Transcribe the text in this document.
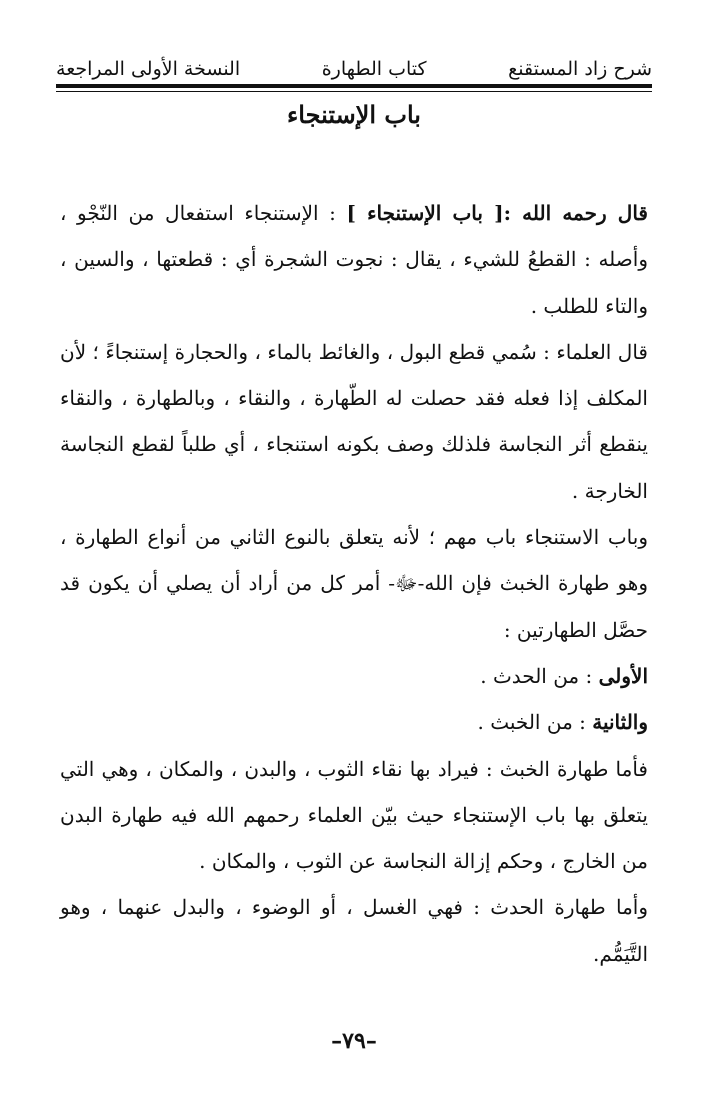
شرح زاد المستقنع
كتاب الطهارة
النسخة الأولى المراجعة
باب الإستنجاء

قال رحمه الله :[ باب الإستنجاء ] : الإستنجاء استفعال من النّجْو ، وأصله : القطعُ للشيء ، يقال : نجوت الشجرة أي : قطعتها ، والسين ، والتاء للطلب .

قال العلماء : سُمي قطع البول ، والغائط بالماء ، والحجارة إستنجاءً ؛ لأن المكلف إذا فعله فقد حصلت له الطّهارة ، والنقاء ، وبالطهارة ، والنقاء ينقطع أثر النجاسة فلذلك وصف بكونه استنجاء ، أي طلباً لقطع النجاسة الخارجة .

وباب الاستنجاء باب مهم ؛ لأنه يتعلق بالنوع الثاني من أنواع الطهارة ، وهو طهارة الخبث فإن الله-ﷻ- أمر كل من أراد أن يصلي أن يكون قد حصَّل الطهارتين :

الأولى : من الحدث .

والثانية : من الخبث .

فأما طهارة الخبث : فيراد بها نقاء الثوب ، والبدن ، والمكان ، وهي التي يتعلق بها باب الإستنجاء حيث بيّن العلماء رحمهم الله فيه طهارة البدن من الخارج ، وحكم إزالة النجاسة عن الثوب ، والمكان .

وأما طهارة الحدث : فهي الغسل ، أو الوضوء ، والبدل عنهما ، وهو التَّيَمُّم.

–٧٩–
